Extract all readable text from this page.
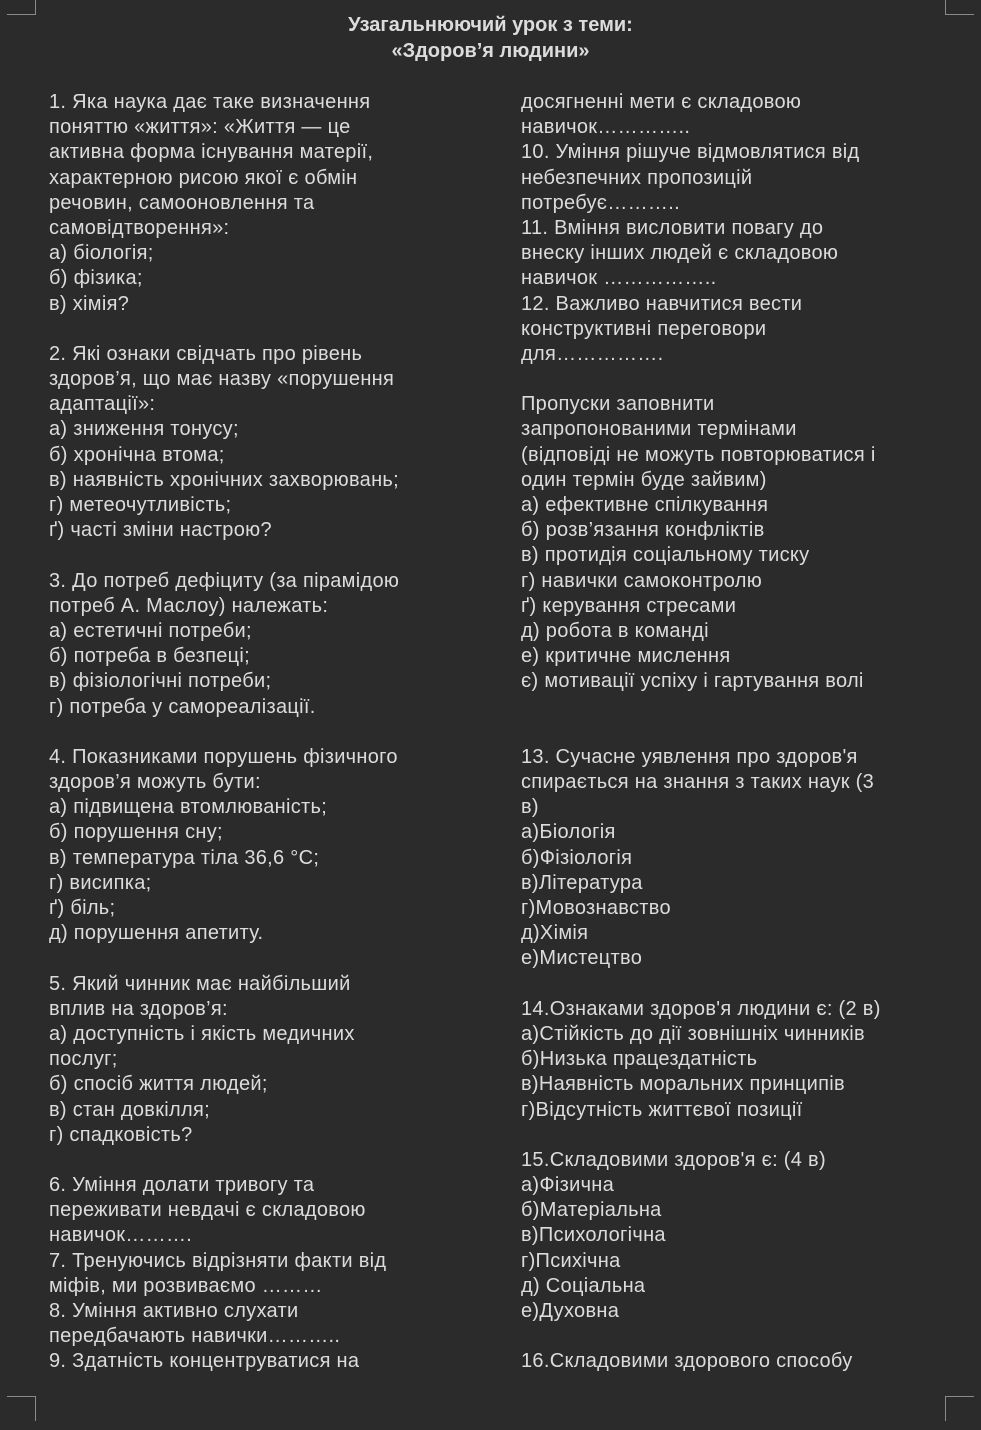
Узагальнюючий урок з теми:
«Здоров’я людини»
1. Яка наука дає таке визначення
поняттю «життя»: «Життя — це
активна форма існування матерії,
характерною рисою якої є обмін
речовин, самооновлення та
самовідтворення»:
а) біологія;
б) фізика;
в) хімія?
2. Які ознаки свідчать про рівень
здоров’я, що має назву «порушення
адаптації»:
а) зниження тонусу;
б) хронічна втома;
в) наявність хронічних захворювань;
г) метеочутливість;
ґ) часті зміни настрою?
3. До потреб дефіциту (за пірамідою
потреб А. Маслоу) належать:
а) естетичні потреби;
б) потреба в безпеці;
в) фізіологічні потреби;
г) потреба у самореалізації.
4. Показниками порушень фізичного
здоров’я можуть бути:
а) підвищена втомлюваність;
б) порушення сну;
в) температура тіла 36,6 °С;
г) висипка;
ґ) біль;
д) порушення апетиту.
5. Який чинник має найбільший
вплив на здоров’я:
а) доступність і якість медичних
послуг;
б) спосіб життя людей;
в) стан довкілля;
г) спадковість?
6. Уміння долати тривогу та
переживати невдачі є складовою
навичок……….
7. Тренуючись відрізняти факти від
міфів, ми розвиваємо ………
8. Уміння активно слухати
передбачають навички………..
9. Здатність концентруватися на
досягненні мети є складовою
навичок…………..
10. Уміння рішуче відмовлятися від
небезпечних пропозицій
потребує………..
11. Вміння висловити повагу до
внеску інших людей є складовою
навичок ……………..
12. Важливо навчитися вести
конструктивні переговори
для…………….
Пропуски заповнити
запропонованими термінами
(відповіді не можуть повторюватися і
один термін буде зайвим)
а) ефективне спілкування
б) розв’язання конфліктів
в) протидія соціальному тиску
г) навички самоконтролю
ґ) керування стресами
д) робота в команді
е) критичне мислення
є) мотивації успіху і гартування волі
13. Сучасне уявлення про здоров'я
спирається на знання з таких наук (3
в)
а)Біологія
б)Фізіологія
в)Література
г)Мовознавство
д)Хімія
е)Мистецтво
14.Ознаками здоров'я людини є: (2 в)
а)Стійкість до дії зовнішніх чинників
б)Низька працездатність
в)Наявність моральних принципів
г)Відсутність життєвої позиції
15.Складовими здоров'я є: (4 в)
а)Фізична
б)Матеріальна
в)Психологічна
г)Психічна
д) Соціальна
е)Духовна
16.Складовими здорового способу
